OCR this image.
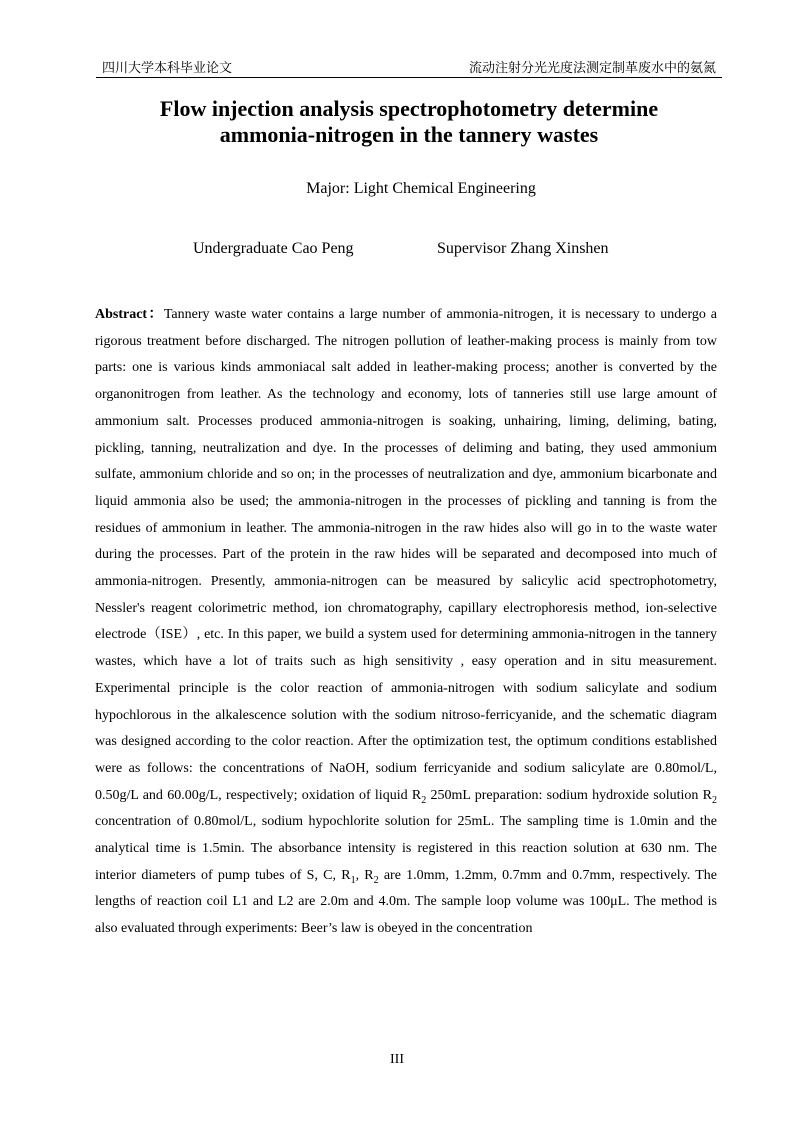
四川大学本科毕业论文	流动注射分光光度法测定制革废水中的氨氮
Flow injection analysis spectrophotometry determine
ammonia-nitrogen in the tannery wastes
Major: Light Chemical Engineering
Undergraduate Cao Peng	Supervisor Zhang Xinshen
Abstract：Tannery waste water contains a large number of ammonia-nitrogen, it is necessary to undergo a rigorous treatment before discharged. The nitrogen pollution of leather-making process is mainly from tow parts: one is various kinds ammoniacal salt added in leather-making process; another is converted by the organonitrogen from leather. As the technology and economy, lots of tanneries still use large amount of ammonium salt. Processes produced ammonia-nitrogen is soaking, unhairing, liming, deliming, bating, pickling, tanning, neutralization and dye. In the processes of deliming and bating, they used ammonium sulfate, ammonium chloride and so on; in the processes of neutralization and dye, ammonium bicarbonate and liquid ammonia also be used; the ammonia-nitrogen in the processes of pickling and tanning is from the residues of ammonium in leather. The ammonia-nitrogen in the raw hides also will go in to the waste water during the processes. Part of the protein in the raw hides will be separated and decomposed into much of ammonia-nitrogen. Presently, ammonia-nitrogen can be measured by salicylic acid spectrophotometry, Nessler's reagent colorimetric method, ion chromatography, capillary electrophoresis method, ion-selective electrode（ISE）, etc. In this paper, we build a system used for determining ammonia-nitrogen in the tannery wastes, which have a lot of traits such as high sensitivity , easy operation and in situ measurement. Experimental principle is the color reaction of ammonia-nitrogen with sodium salicylate and sodium hypochlorous in the alkalescence solution with the sodium nitroso-ferricyanide, and the schematic diagram was designed according to the color reaction. After the optimization test, the optimum conditions established were as follows: the concentrations of NaOH, sodium ferricyanide and sodium salicylate are 0.80mol/L, 0.50g/L and 60.00g/L, respectively; oxidation of liquid $R_2$ 250mL preparation: sodium hydroxide solution $R_2$ concentration of 0.80mol/L, sodium hypochlorite solution for 25mL. The sampling time is 1.0min and the analytical time is 1.5min. The absorbance intensity is registered in this reaction solution at 630 nm. The interior diameters of pump tubes of S, C, $R_1$, $R_2$ are 1.0mm, 1.2mm, 0.7mm and 0.7mm, respectively. The lengths of reaction coil L1 and L2 are 2.0m and 4.0m. The sample loop volume was 100μL. The method is also evaluated through experiments: Beer’s law is obeyed in the concentration
III
